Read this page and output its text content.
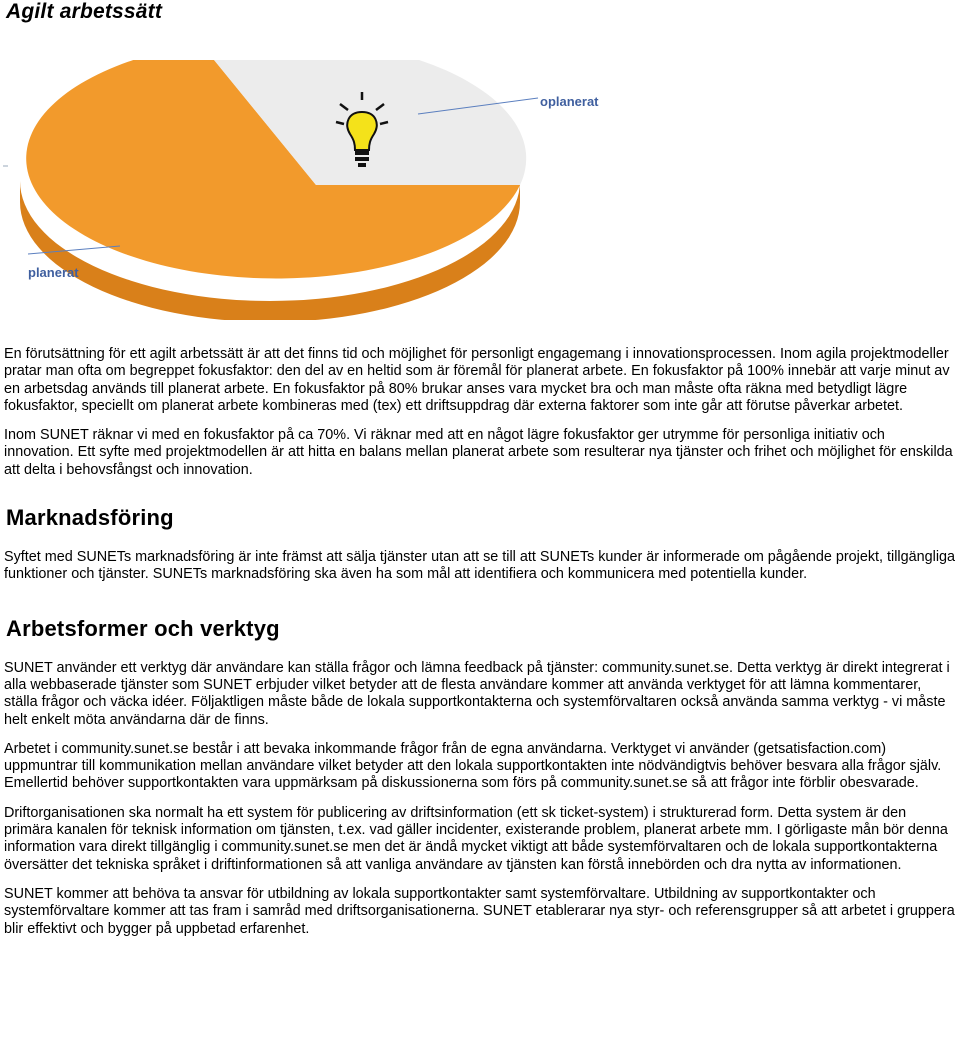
Agilt arbetssätt
oplanerat
planerat

En förutsättning för ett agilt arbetssätt är att det finns tid och möjlighet för personligt engagemang i innovationsprocessen. Inom agila projektmodeller pratar man ofta om begreppet fokusfaktor: den del av en heltid som är föremål för planerat arbete. En fokusfaktor på 100% innebär att varje minut av en arbetsdag används till planerat arbete. En fokusfaktor på 80% brukar anses vara mycket bra och man måste ofta räkna med betydligt lägre fokusfaktor, speciellt om planerat arbete kombineras med (tex) ett driftsuppdrag där externa faktorer som inte går att förutse påverkar arbetet.

Inom SUNET räknar vi med en fokusfaktor på ca 70%. Vi räknar med att en något lägre fokusfaktor ger utrymme för personliga initiativ och innovation. Ett syfte med projektmodellen är att hitta en balans mellan planerat arbete som resulterar nya tjänster och frihet och möjlighet för enskilda att delta i behovsfångst och innovation.

Marknadsföring

Syftet med SUNETs marknadsföring är inte främst att sälja tjänster utan att se till att SUNETs kunder är informerade om pågående projekt, tillgängliga funktioner och tjänster. SUNETs marknadsföring ska även ha som mål att identifiera och kommunicera med potentiella kunder.

Arbetsformer och verktyg

SUNET använder ett verktyg där användare kan ställa frågor och lämna feedback på tjänster: community.sunet.se. Detta verktyg är direkt integrerat i alla webbaserade tjänster som SUNET erbjuder vilket betyder att de flesta användare kommer att använda verktyget för att lämna kommentarer, ställa frågor och väcka idéer. Följaktligen måste både de lokala supportkontakterna och systemförvaltaren också använda samma verktyg - vi måste helt enkelt möta användarna där de finns.

Arbetet i community.sunet.se består i att bevaka inkommande frågor från de egna användarna. Verktyget vi använder (getsatisfaction.com) uppmuntrar till kommunikation mellan användare vilket betyder att den lokala supportkontakten inte nödvändigtvis behöver besvara alla frågor själv. Emellertid behöver supportkontakten vara uppmärksam på diskussionerna som förs på community.sunet.se så att frågor inte förblir obesvarade.

Driftorganisationen ska normalt ha ett system för publicering av driftsinformation (ett sk ticket-system) i strukturerad form. Detta system är den primära kanalen för teknisk information om tjänsten, t.ex. vad gäller incidenter, existerande problem, planerat arbete mm. I görligaste mån bör denna information vara direkt tillgänglig i community.sunet.se men det är ändå mycket viktigt att både systemförvaltaren och de lokala supportkontakterna översätter det tekniska språket i driftinformationen så att vanliga användare av tjänsten kan förstå innebörden och dra nytta av informationen.

SUNET kommer att behöva ta ansvar för utbildning av lokala supportkontakter samt systemförvaltare. Utbildning av supportkontakter och systemförvaltare kommer att tas fram i samråd med driftsorganisationerna. SUNET etablerarar nya styr- och referensgrupper så att arbetet i gruppera blir effektivt och bygger på uppbetad erfarenhet.
